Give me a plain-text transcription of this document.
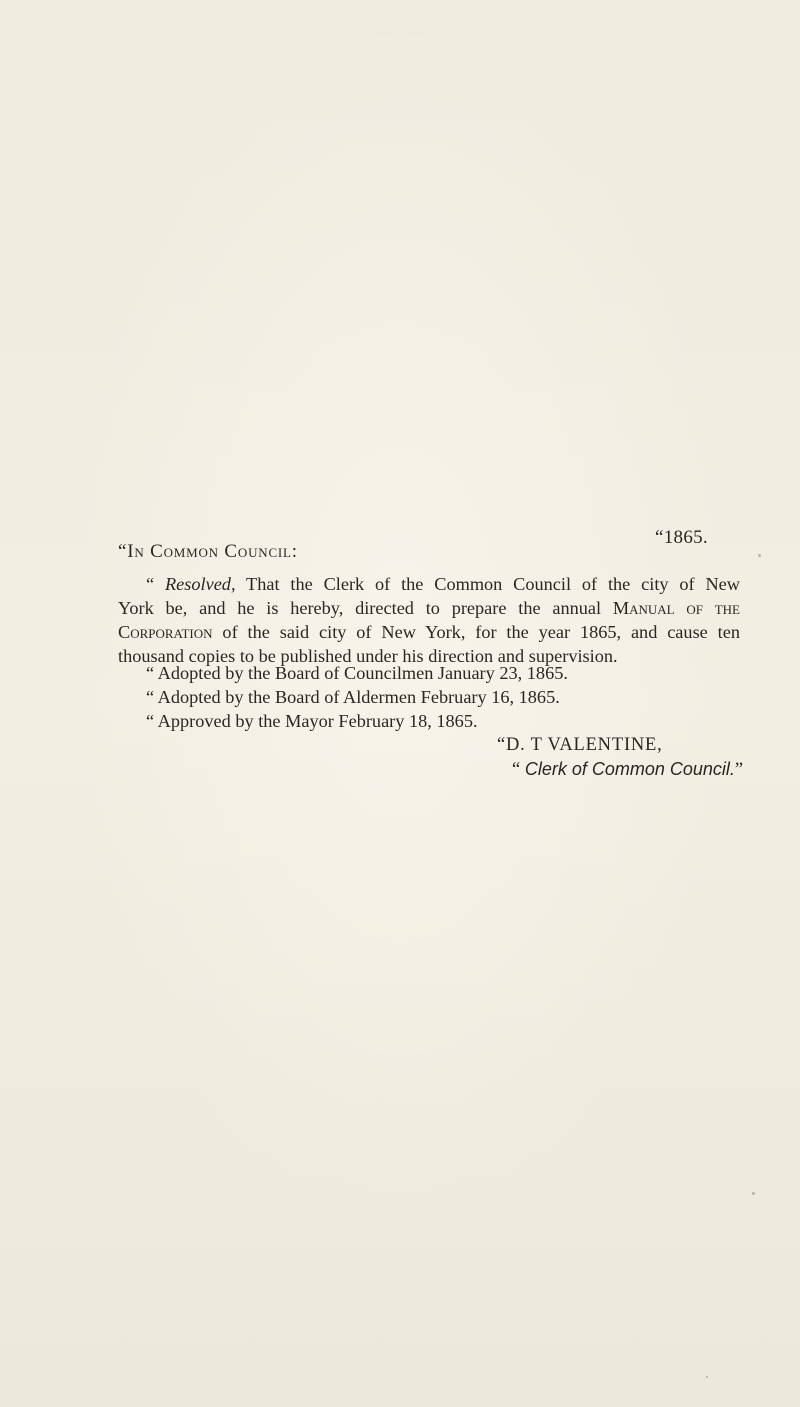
“1865.
“In Common Council:
“ Resolved, That the Clerk of the Common Council of the city of New
York be, and he is hereby, directed to prepare the annual Manual of the
Corporation of the said city of New York, for the year 1865, and cause ten
thousand copies to be published under his direction and supervision.
“ Adopted by the Board of Councilmen January 23, 1865.
“ Adopted by the Board of Aldermen February 16, 1865.
“ Approved by the Mayor February 18, 1865.
“D. T VALENTINE,
“ Clerk of Common Council.”
